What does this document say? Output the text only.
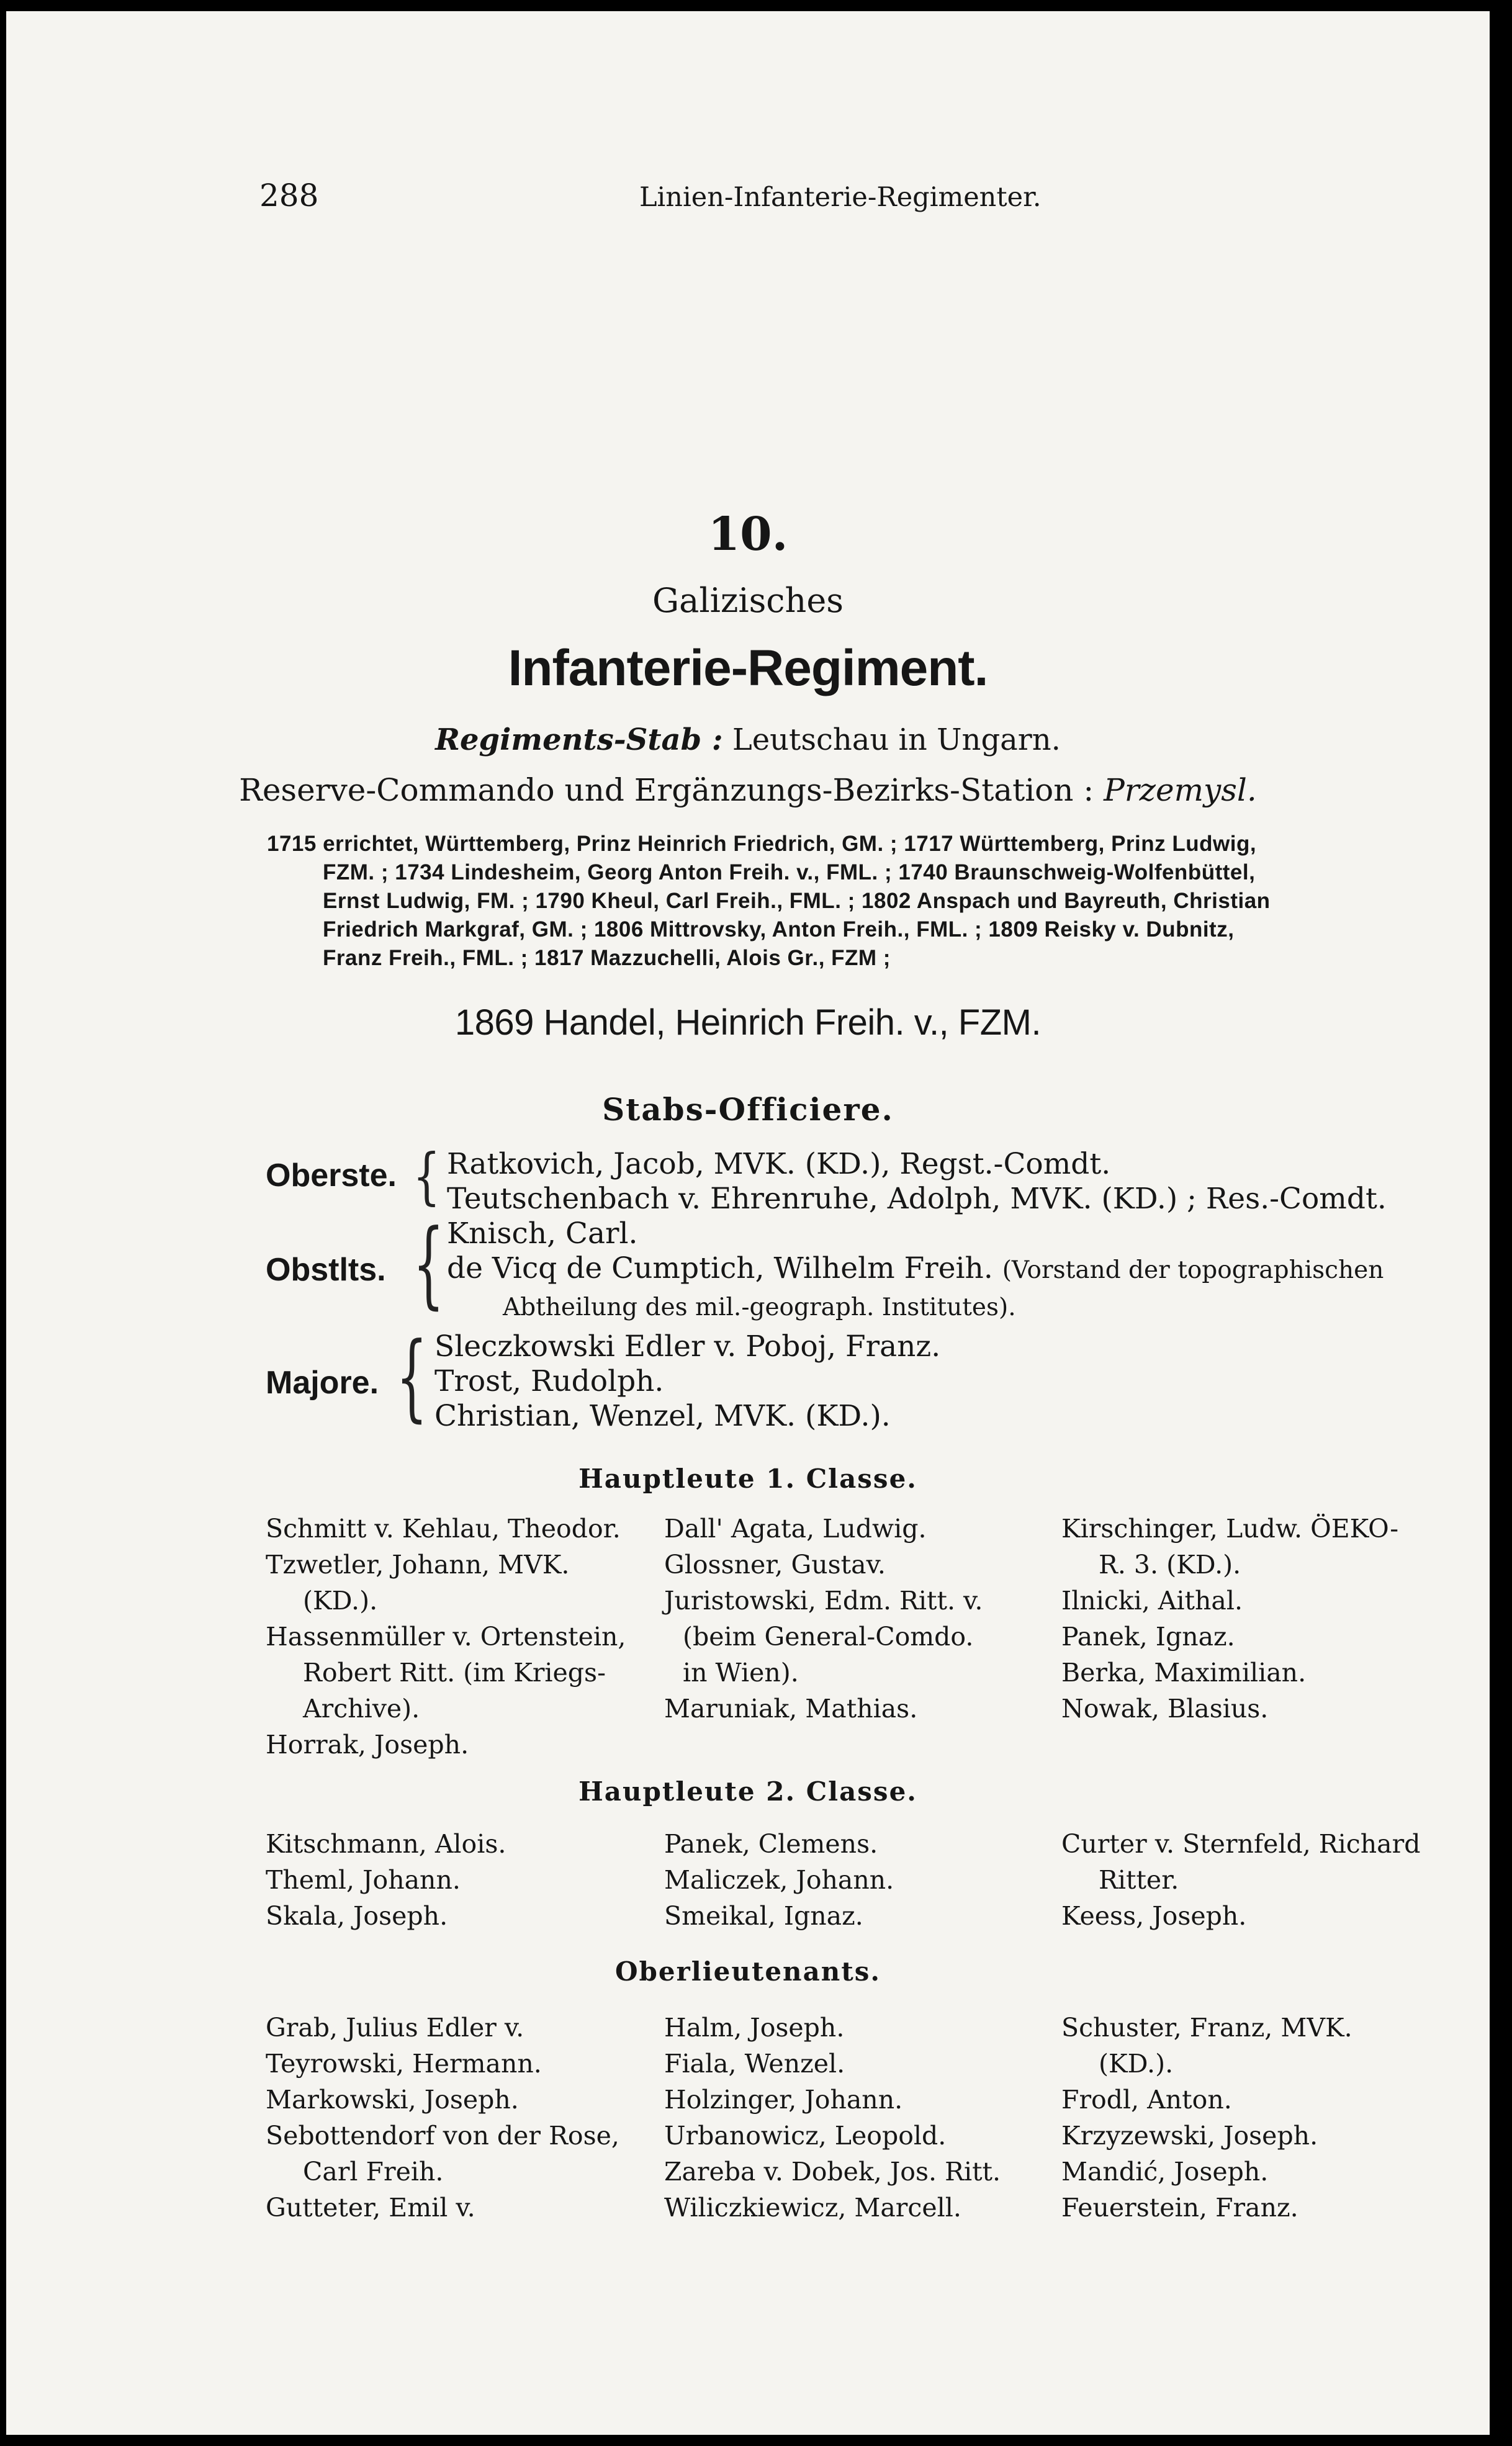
288	Linien-Infanterie-Regimenter.
10.
Galizisches
Infanterie-Regiment.
Regiments-Stab : Leutschau in Ungarn.
Reserve-Commando und Ergänzungs-Bezirks-Station : Przemysl.
1715 errichtet, Württemberg, Prinz Heinrich Friedrich, GM. ; 1717 Württemberg, Prinz Ludwig,
FZM. ; 1734 Lindesheim, Georg Anton Freih. v., FML. ; 1740 Braunschweig-Wolfenbüttel,
Ernst Ludwig, FM. ; 1790 Kheul, Carl Freih., FML. ; 1802 Anspach und Bayreuth, Christian
Friedrich Markgraf, GM. ; 1806 Mittrovsky, Anton Freih., FML. ; 1809 Reisky v. Dubnitz,
Franz Freih., FML. ; 1817 Mazzuchelli, Alois Gr., FZM ;
1869 Handel, Heinrich Freih. v., FZM.
Stabs-Officiere.
Oberste. { Ratkovich, Jacob, MVK. (KD.), Regst.-Comdt.
Teutschenbach v. Ehrenruhe, Adolph, MVK. (KD.) ; Res.-Comdt.
Obstlts. { Knisch, Carl.
de Vicq de Cumptich, Wilhelm Freih. (Vorstand der topographischen
Abtheilung des mil.-geograph. Institutes).
Majore. { Sleczkowski Edler v. Poboj, Franz.
Trost, Rudolph.
Christian, Wenzel, MVK. (KD.).
Hauptleute 1. Classe.
Schmitt v. Kehlau, Theodor.
Tzwetler, Johann, MVK.
(KD.).
Hassenmüller v. Ortenstein,
Robert Ritt. (im Kriegs-
Archive).
Horrak, Joseph.
Dall' Agata, Ludwig.
Glossner, Gustav.
Juristowski, Edm. Ritt. v.
(beim General-Comdo.
in Wien).
Maruniak, Mathias.
Kirschinger, Ludw. ÖEKO-
R. 3. (KD.).
Ilnicki, Aithal.
Panek, Ignaz.
Berka, Maximilian.
Nowak, Blasius.
Hauptleute 2. Classe.
Kitschmann, Alois.
Theml, Johann.
Skala, Joseph.
Panek, Clemens.
Maliczek, Johann.
Smeikal, Ignaz.
Curter v. Sternfeld, Richard
Ritter.
Keess, Joseph.
Oberlieutenants.
Grab, Julius Edler v.
Teyrowski, Hermann.
Markowski, Joseph.
Sebottendorf von der Rose,
Carl Freih.
Gutteter, Emil v.
Halm, Joseph.
Fiala, Wenzel.
Holzinger, Johann.
Urbanowicz, Leopold.
Zareba v. Dobek, Jos. Ritt.
Wiliczkiewicz, Marcell.
Schuster, Franz, MVK.
(KD.).
Frodl, Anton.
Krzyzewski, Joseph.
Mandić, Joseph.
Feuerstein, Franz.
